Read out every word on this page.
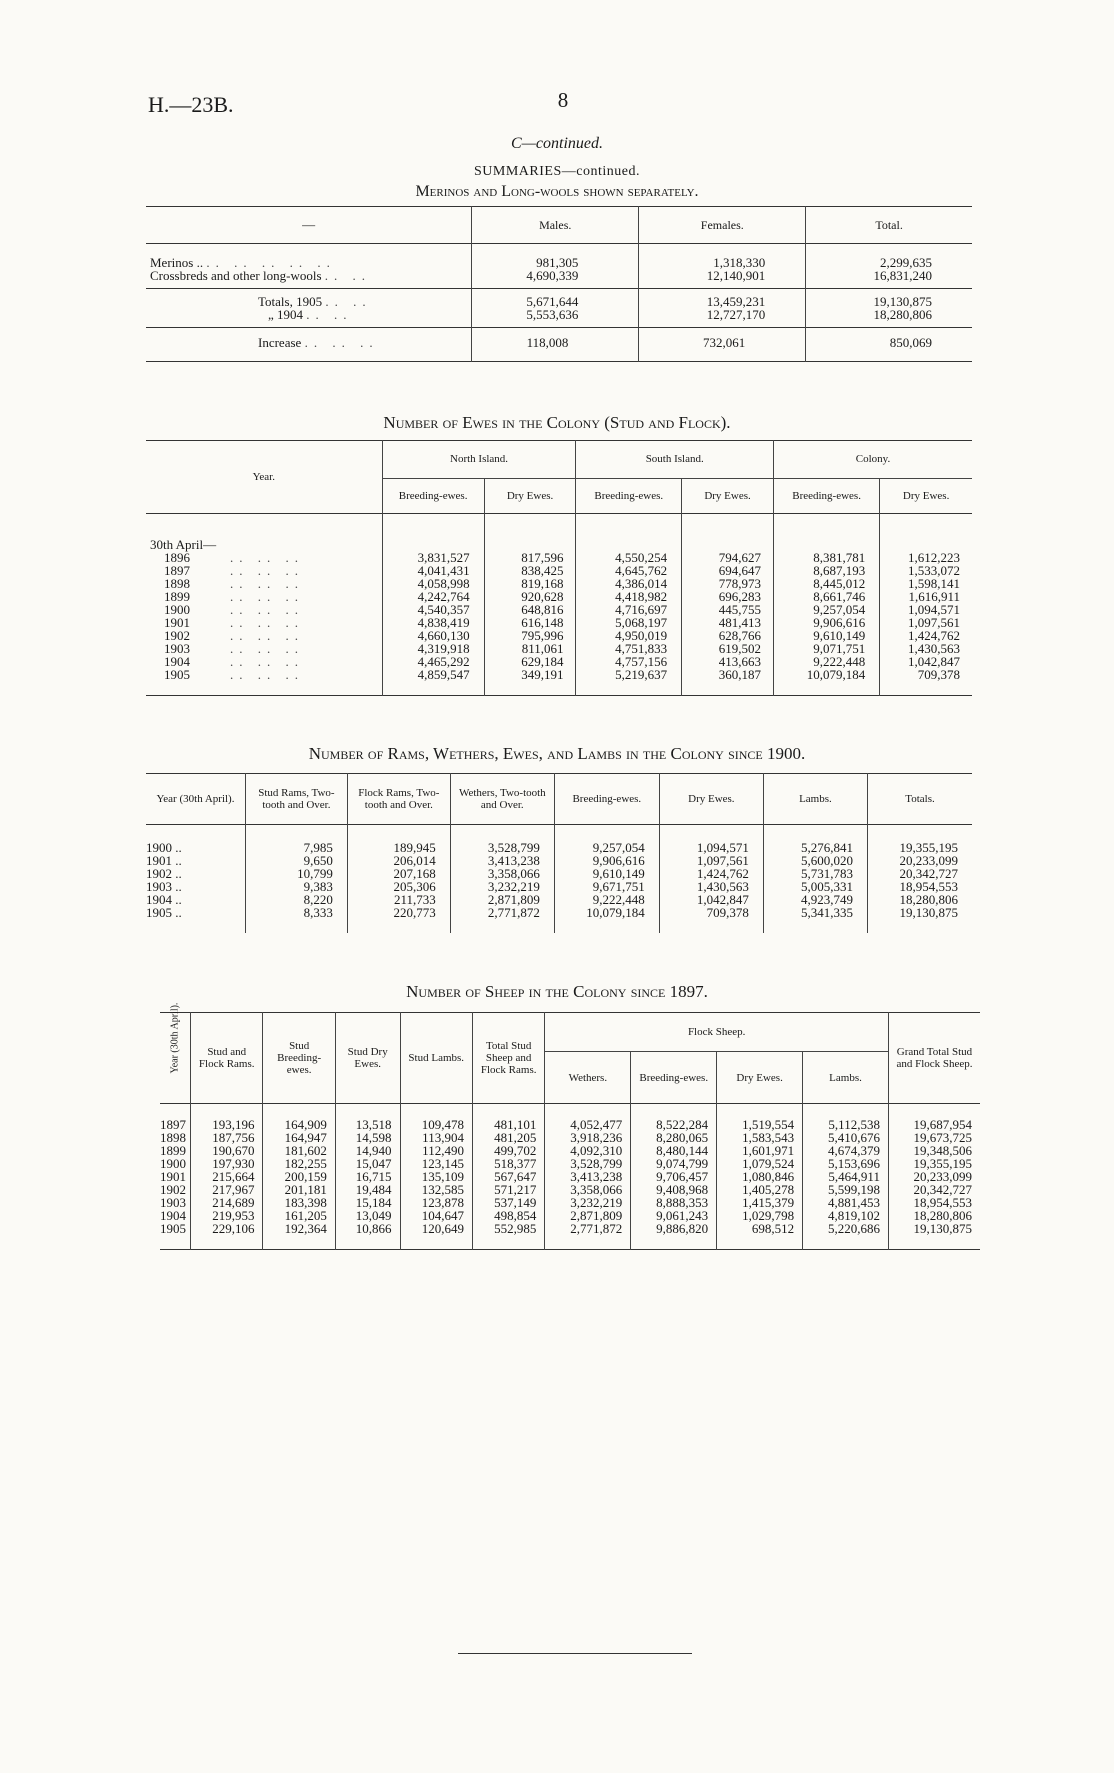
H.—23B.	8
C—continued.
SUMMARIES—continued.
Merinos and Long-wools shown separately.
—	Males.	Females.	Total.
Merinos .. .. .. .. .. ..	981,305	1,318,330	2,299,635
Crossbreds and other long-wools .. ..	4,690,339	12,140,901	16,831,240
Totals, 1905 .. ..	5,671,644	13,459,231	19,130,875
„ 1904 .. ..	5,553,636	12,727,170	18,280,806
Increase .. .. ..	118,008	732,061	850,069
Number of Ewes in the Colony (Stud and Flock).
Year.	North Island.		South Island.		Colony.	
	Breeding-ewes.	Dry Ewes.	Breeding-ewes.	Dry Ewes.	Breeding-ewes.	Dry Ewes.
30th April—						
1896 .. .. ..	3,831,527	817,596	4,550,254	794,627	8,381,781	1,612,223
1897 .. .. ..	4,041,431	838,425	4,645,762	694,647	8,687,193	1,533,072
1898 .. .. ..	4,058,998	819,168	4,386,014	778,973	8,445,012	1,598,141
1899 .. .. ..	4,242,764	920,628	4,418,982	696,283	8,661,746	1,616,911
1900 .. .. ..	4,540,357	648,816	4,716,697	445,755	9,257,054	1,094,571
1901 .. .. ..	4,838,419	616,148	5,068,197	481,413	9,906,616	1,097,561
1902 .. .. ..	4,660,130	795,996	4,950,019	628,766	9,610,149	1,424,762
1903 .. .. ..	4,319,918	811,061	4,751,833	619,502	9,071,751	1,430,563
1904 .. .. ..	4,465,292	629,184	4,757,156	413,663	9,222,448	1,042,847
1905 .. .. ..	4,859,547	349,191	5,219,637	360,187	10,079,184	709,378
Number of Rams, Wethers, Ewes, and Lambs in the Colony since 1900.
Year (30th April).	Stud Rams, Two-tooth and Over.	Flock Rams, Two-tooth and Over.	Wethers, Two-tooth and Over.	Breeding-ewes.	Dry Ewes.	Lambs.	Totals.
1900 ..	7,985	189,945	3,528,799	9,257,054	1,094,571	5,276,841	19,355,195
1901 ..	9,650	206,014	3,413,238	9,906,616	1,097,561	5,600,020	20,233,099
1902 ..	10,799	207,168	3,358,066	9,610,149	1,424,762	5,731,783	20,342,727
1903 ..	9,383	205,306	3,232,219	9,671,751	1,430,563	5,005,331	18,954,553
1904 ..	8,220	211,733	2,871,809	9,222,448	1,042,847	4,923,749	18,280,806
1905 ..	8,333	220,773	2,771,872	10,079,184	709,378	5,341,335	19,130,875
Number of Sheep in the Colony since 1897.
Year (30th April).	Stud and Flock Rams.	Stud Breeding-ewes.	Stud Dry Ewes.	Stud Lambs.	Total Stud Sheep and Flock Rams.	Flock Sheep.				Grand Total Stud and Flock Sheep.
						Wethers.	Breeding-ewes.	Dry Ewes.	Lambs.	
1897	193,196	164,909	13,518	109,478	481,101	4,052,477	8,522,284	1,519,554	5,112,538	19,687,954
1898	187,756	164,947	14,598	113,904	481,205	3,918,236	8,280,065	1,583,543	5,410,676	19,673,725
1899	190,670	181,602	14,940	112,490	499,702	4,092,310	8,480,144	1,601,971	4,674,379	19,348,506
1900	197,930	182,255	15,047	123,145	518,377	3,528,799	9,074,799	1,079,524	5,153,696	19,355,195
1901	215,664	200,159	16,715	135,109	567,647	3,413,238	9,706,457	1,080,846	5,464,911	20,233,099
1902	217,967	201,181	19,484	132,585	571,217	3,358,066	9,408,968	1,405,278	5,599,198	20,342,727
1903	214,689	183,398	15,184	123,878	537,149	3,232,219	8,888,353	1,415,379	4,881,453	18,954,553
1904	219,953	161,205	13,049	104,647	498,854	2,871,809	9,061,243	1,029,798	4,819,102	18,280,806
1905	229,106	192,364	10,866	120,649	552,985	2,771,872	9,886,820	698,512	5,220,686	19,130,875
